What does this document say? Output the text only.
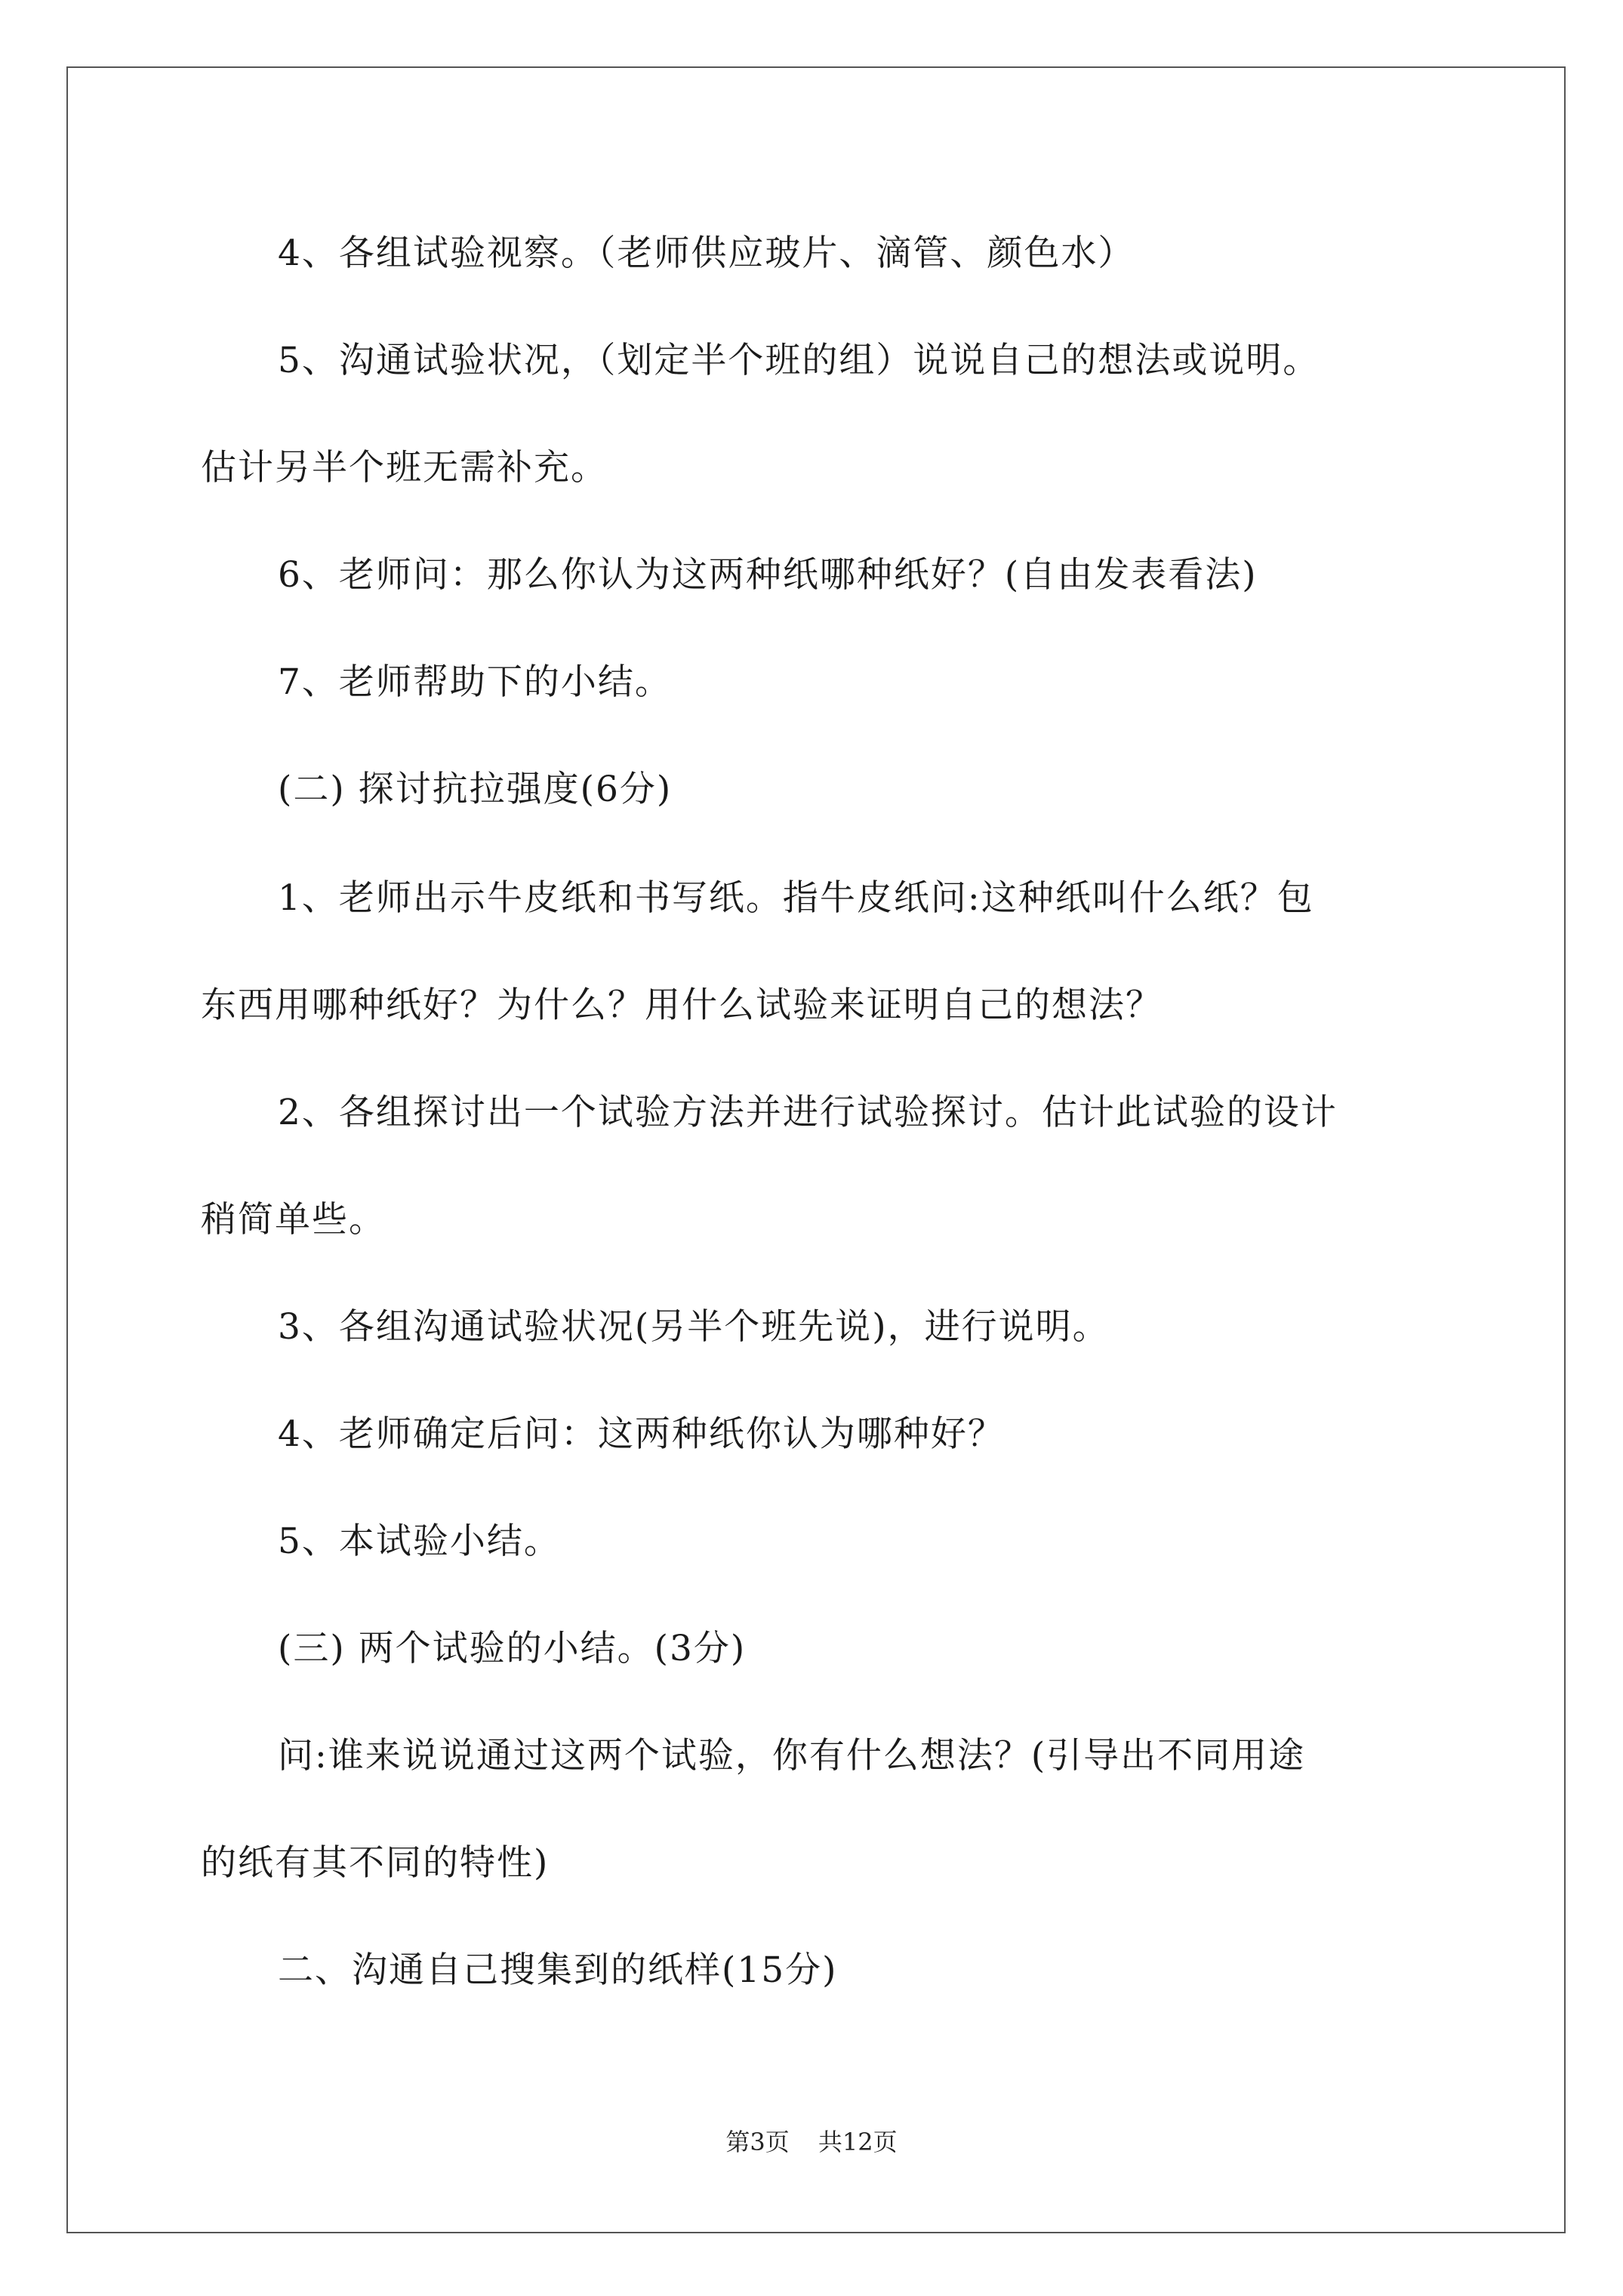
4、各组试验视察。（老师供应玻片、滴管、颜色水）
5、沟通试验状况，（划定半个班的组）说说自己的想法或说明。
估计另半个班无需补充。
6、老师问：那么你认为这两种纸哪种纸好？(自由发表看法)
7、老师帮助下的小结。
(二) 探讨抗拉强度(6分)
1、老师出示牛皮纸和书写纸。指牛皮纸问:这种纸叫什么纸？包
东西用哪种纸好？为什么？用什么试验来证明自己的想法？
2、各组探讨出一个试验方法并进行试验探讨。估计此试验的设计
稍简单些。
3、各组沟通试验状况(另半个班先说)，进行说明。
4、老师确定后问：这两种纸你认为哪种好？
5、本试验小结。
(三) 两个试验的小结。(3分)
问:谁来说说通过这两个试验，你有什么想法？(引导出不同用途
的纸有其不同的特性)
二、沟通自己搜集到的纸样(15分)
第3页 共12页
